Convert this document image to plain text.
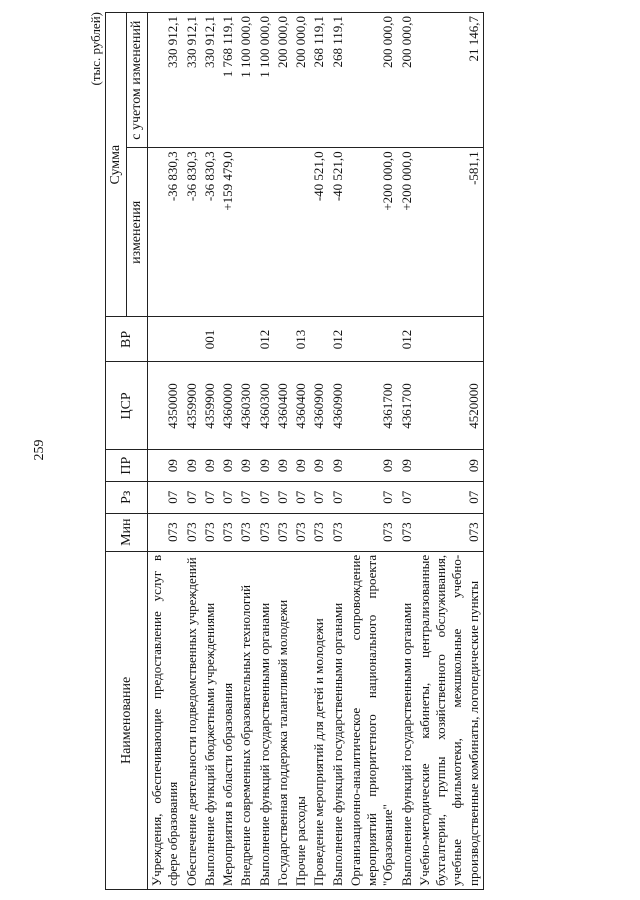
259
(тыс. рублей)
Наименование	Мин	Рз	ПР	ЦСР	ВР	Сумма	
						изменения	с учетом изменений
Учреждения, обеспечивающие предоставление услуг в сфере образования	073	07	09	4350000		-36 830,3	330 912,1
Обеспечение деятельности подведомственных учреждений	073	07	09	4359900		-36 830,3	330 912,1
Выполнение функций бюджетными учреждениями	073	07	09	4359900	001	-36 830,3	330 912,1
Мероприятия в области образования	073	07	09	4360000		+159 479,0	1 768 119,1
Внедрение современных образовательных технологий	073	07	09	4360300			1 100 000,0
Выполнение функций государственными органами	073	07	09	4360300	012		1 100 000,0
Государственная поддержка талантливой молодежи	073	07	09	4360400			200 000,0
Прочие расходы	073	07	09	4360400	013		200 000,0
Проведение мероприятий для детей и молодежи	073	07	09	4360900		-40 521,0	268 119,1
Выполнение функций государственными органами	073	07	09	4360900	012	-40 521,0	268 119,1
Организационно-аналитическое сопровождение мероприятий приоритетного национального проекта "Образование"	073	07	09	4361700		+200 000,0	200 000,0
Выполнение функций государственными органами	073	07	09	4361700	012	+200 000,0	200 000,0
Учебно-методические кабинеты, централизованные бухгалтерии, группы хозяйственного обслуживания, учебные фильмотеки, межшкольные учебно-производственные комбинаты, логопедические пункты	073	07	09	4520000		-581,1	21 146,7
